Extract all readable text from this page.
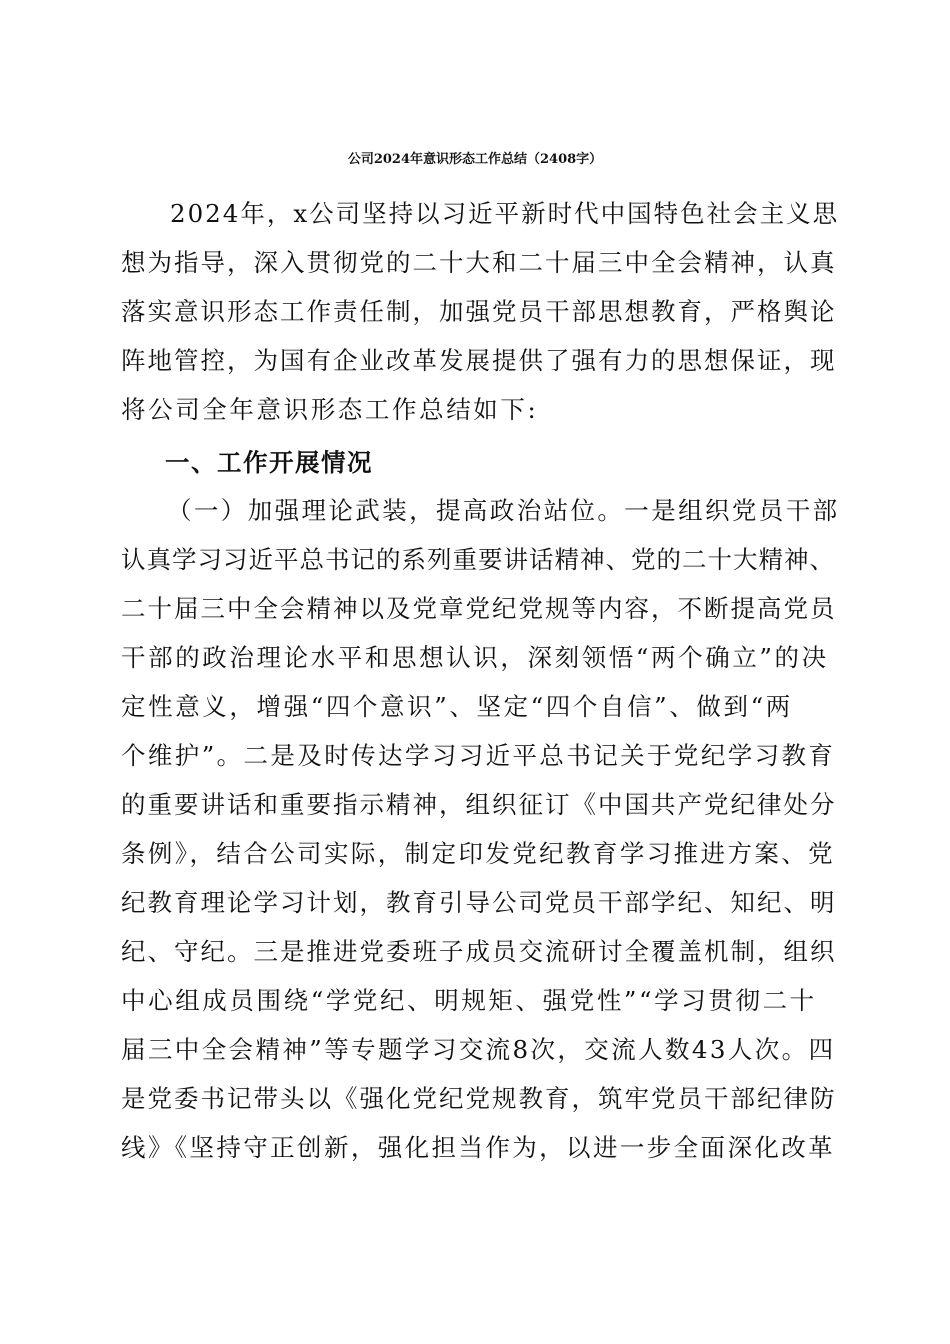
公司2024年意识形态工作总结（2408字）
2024年，x公司坚持以习近平新时代中国特色社会主义思
想为指导，深入贯彻党的二十大和二十届三中全会精神，认真
落实意识形态工作责任制，加强党员干部思想教育，严格舆论
阵地管控，为国有企业改革发展提供了强有力的思想保证，现
将公司全年意识形态工作总结如下:
一、工作开展情况
（一）加强理论武装，提高政治站位。一是组织党员干部
认真学习习近平总书记的系列重要讲话精神、党的二十大精神、
二十届三中全会精神以及党章党纪党规等内容，不断提高党员
干部的政治理论水平和思想认识，深刻领悟“两个确立”的决
定性意义，增强“四个意识”、坚定“四个自信”、做到“两
个维护”。二是及时传达学习习近平总书记关于党纪学习教育
的重要讲话和重要指示精神，组织征订《中国共产党纪律处分
条例》，结合公司实际，制定印发党纪教育学习推进方案、党
纪教育理论学习计划，教育引导公司党员干部学纪、知纪、明
纪、守纪。三是推进党委班子成员交流研讨全覆盖机制，组织
中心组成员围绕“学党纪、明规矩、强党性”“学习贯彻二十
届三中全会精神”等专题学习交流8次，交流人数43人次。四
是党委书记带头以《强化党纪党规教育，筑牢党员干部纪律防
线》《坚持守正创新，强化担当作为，以进一步全面深化改革
